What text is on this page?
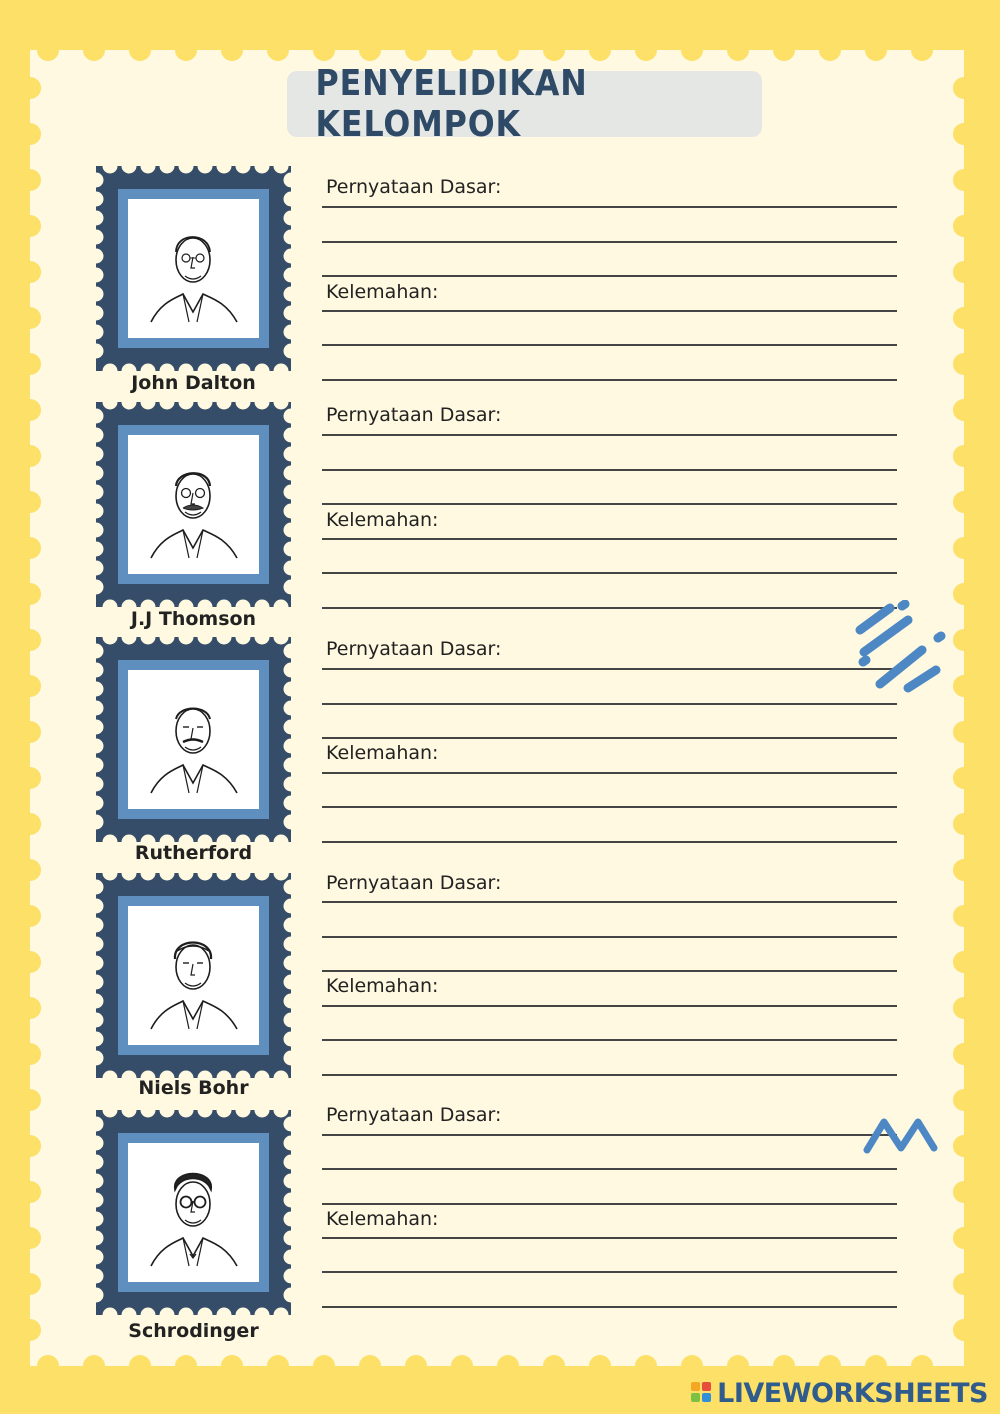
PENYELIDIKAN KELOMPOK
John Dalton
Pernyataan Dasar:
Kelemahan:
J.J Thomson
Pernyataan Dasar:
Kelemahan:
Rutherford
Pernyataan Dasar:
Kelemahan:
Niels Bohr
Pernyataan Dasar:
Kelemahan:
Schrodinger
Pernyataan Dasar:
Kelemahan:
LIVEWORKSHEETS
